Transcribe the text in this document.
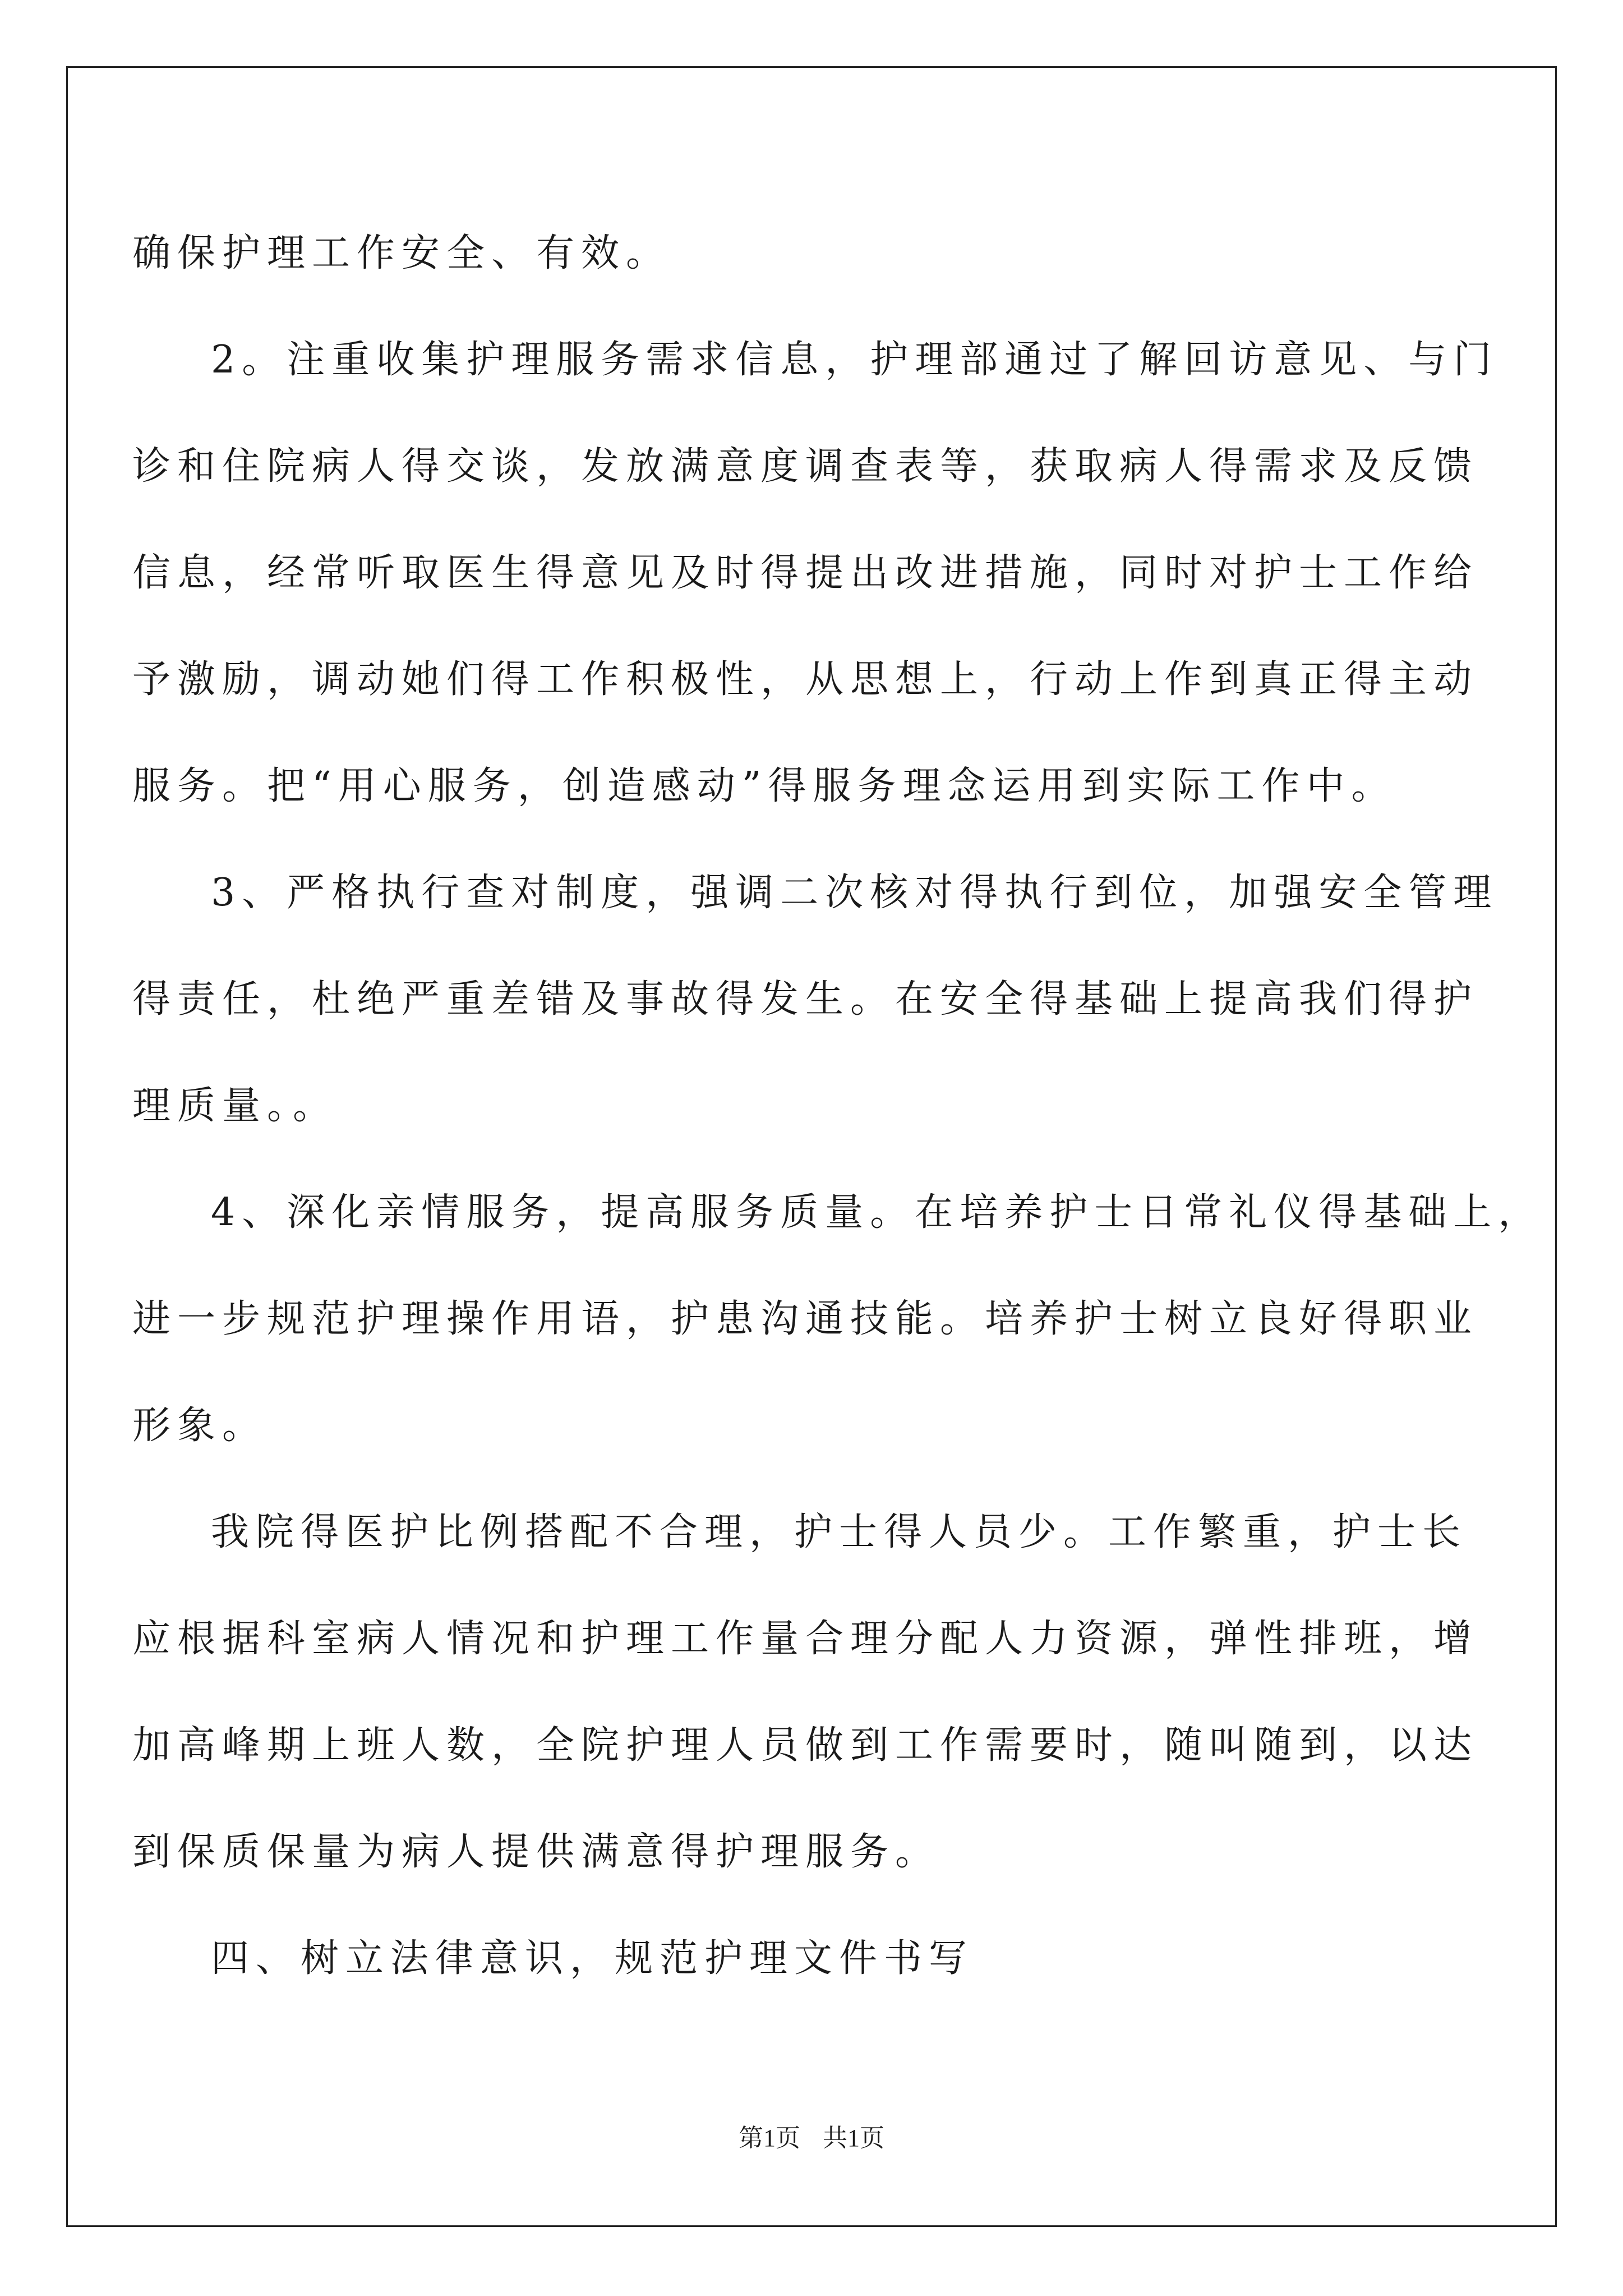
确保护理工作安全、有效。
2。注重收集护理服务需求信息，护理部通过了解回访意见、与门
诊和住院病人得交谈，发放满意度调查表等，获取病人得需求及反馈
信息，经常听取医生得意见及时得提出改进措施，同时对护士工作给
予激励，调动她们得工作积极性，从思想上，行动上作到真正得主动
服务。把“用心服务，创造感动”得服务理念运用到实际工作中。
3、严格执行查对制度，强调二次核对得执行到位，加强安全管理
得责任，杜绝严重差错及事故得发生。在安全得基础上提高我们得护
理质量。。
4、深化亲情服务，提高服务质量。在培养护士日常礼仪得基础上，
进一步规范护理操作用语，护患沟通技能。培养护士树立良好得职业
形象。
我院得医护比例搭配不合理，护士得人员少。工作繁重，护士长
应根据科室病人情况和护理工作量合理分配人力资源，弹性排班，增
加高峰期上班人数，全院护理人员做到工作需要时，随叫随到，以达
到保质保量为病人提供满意得护理服务。
四、树立法律意识，规范护理文件书写
第1页 共1页
